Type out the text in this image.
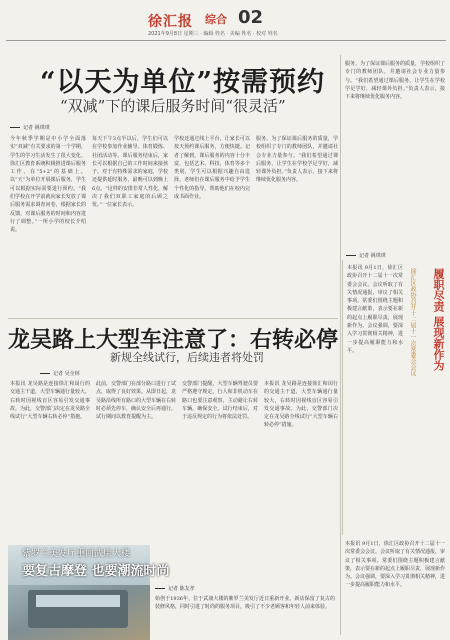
徐汇报 综合 02
2021年9月8日 星期三 · 编辑 姓名 · 美编 姓名 · 校对 姓名
“以天为单位”按需预约
“双减”下的课后服务时间“很灵活”
记者 姚琪琪
今年秋季学期是中小学全面落实“双减”有关要求的第一个学期，学生的学习生活发生了很大变化。徐汇区教育系统积极推进课后服务工作，在“5+2”的基础上，以“天”为单位开展课后服务，学生可以根据实际需要进行预约。“我们学校在开学前就向家长发放了课后服务需求调查问卷，根据家长的反馈，对课后服务的时间和内容进行了调整。”一所小学的校长介绍说。
每天下午3点半以后，学生们可以在学校参加作业辅导、体育锻炼、社团活动等。课后服务结束后，家长可以根据自己的工作时间来接孩子。对于有特殊需求的家庭，学校还提供延时服务，最晚可以到晚上6点。“这样的安排非常人性化，解决了我们双职工家庭的后顾之忧。”一位家长表示。
学校还通过线上平台，让家长可以按天预约课后服务，方便快捷。记者了解到，课后服务的内容十分丰富，包括艺术、科技、体育等多个类别，学生可以根据兴趣自由选择。老师们在课后服务中给予学生个性化的指导，帮助他们在校内完成书面作业。
服务。为了保证课后服务的质量，学校组织了专门的教师团队，并邀请社会专业力量参与。“我们希望通过课后服务，让学生在学校学足学好，减轻课外负担。”负责人表示，接下来将继续优化服务内容。
服务。为了保证课后服务的质量，学校组织了专门的教师团队，并邀请社会专业力量参与。“我们希望通过课后服务，让学生在学校学足学好，减轻课外负担。”负责人表示，接下来将继续优化服务内容。
龙吴路上大型车注意了：右转必停
新规全线试行，后续违者将处罚
记者 吴全林
本报讯 龙吴路是连接徐汇和闵行的交通主干道，大型车辆通行量较大，右转时因视线盲区容易引发交通事故。为此，交警部门决定在龙吴路全线试行“大型车辆右转必停”措施。
此前，交警部门在部分路口进行了试点，取得了良好效果。从即日起，龙吴路沿线所有路口的大型车辆在右转时必须先停车，确认安全后再通行。试行期间以教育提醒为主。
交警部门提醒，大型车辆驾驶员要严格遵守规定，行人和非机动车在路口也要注意观察，主动避让右转车辆，确保安全。试行结束后，对于违反规定的行为将依法处罚。
本报讯 龙吴路是连接徐汇和闵行的交通主干道，大型车辆通行量较大，右转时因视线盲区容易引发交通事故。为此，交警部门决定在龙吴路全线试行“大型车辆右转必停”措施。
紫罗兰美发厅重回武康大楼
要复古摩登 也要潮流时尚
记者 陈友孝
始创于1936年，位于武康大楼的紫罗兰美发厅近日重新开业。新店保留了复古的装修风格，同时引进了时尚的服务项目，吸引了不少老顾客和年轻人前来体验。
记者 姚琪琪
本报讯 9月1日，徐汇区政协召开十二届十一次常委会会议。会议听取了有关情况通报，审议了相关事项。常委们围绕主题积极建言献策，表示要在新的起点上履职尽责，展现新作为。会议强调，要深入学习贯彻相关精神，进一步提高履职能力和水平。	徐汇区政协召开十二届十一次常委会会议	履职尽责 展现新作为
本报讯 9月1日，徐汇区政协召开十二届十一次常委会会议。会议听取了有关情况通报，审议了相关事项。常委们围绕主题积极建言献策，表示要在新的起点上履职尽责，展现新作为。会议强调，要深入学习贯彻相关精神，进一步提高履职能力和水平。
